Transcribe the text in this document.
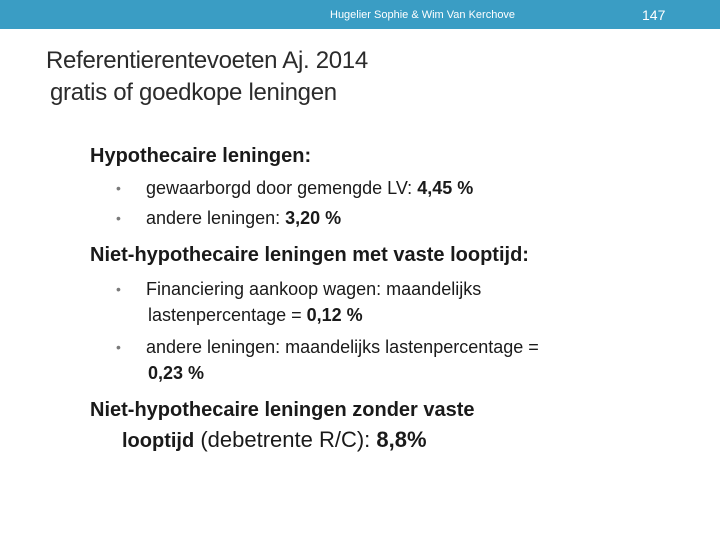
Hugelier Sophie & Wim Van Kerchove	147
Referentierentevoeten Aj. 2014
gratis of goedkope leningen
Hypothecaire leningen:
• gewaarborgd door gemengde LV: 4,45 %
• andere leningen: 3,20 %
Niet-hypothecaire leningen met vaste looptijd:
• Financiering aankoop wagen: maandelijks
lastenpercentage = 0,12 %
• andere leningen: maandelijks lastenpercentage =
0,23 %
Niet-hypothecaire leningen zonder vaste
looptijd (debetrente R/C): 8,8%
